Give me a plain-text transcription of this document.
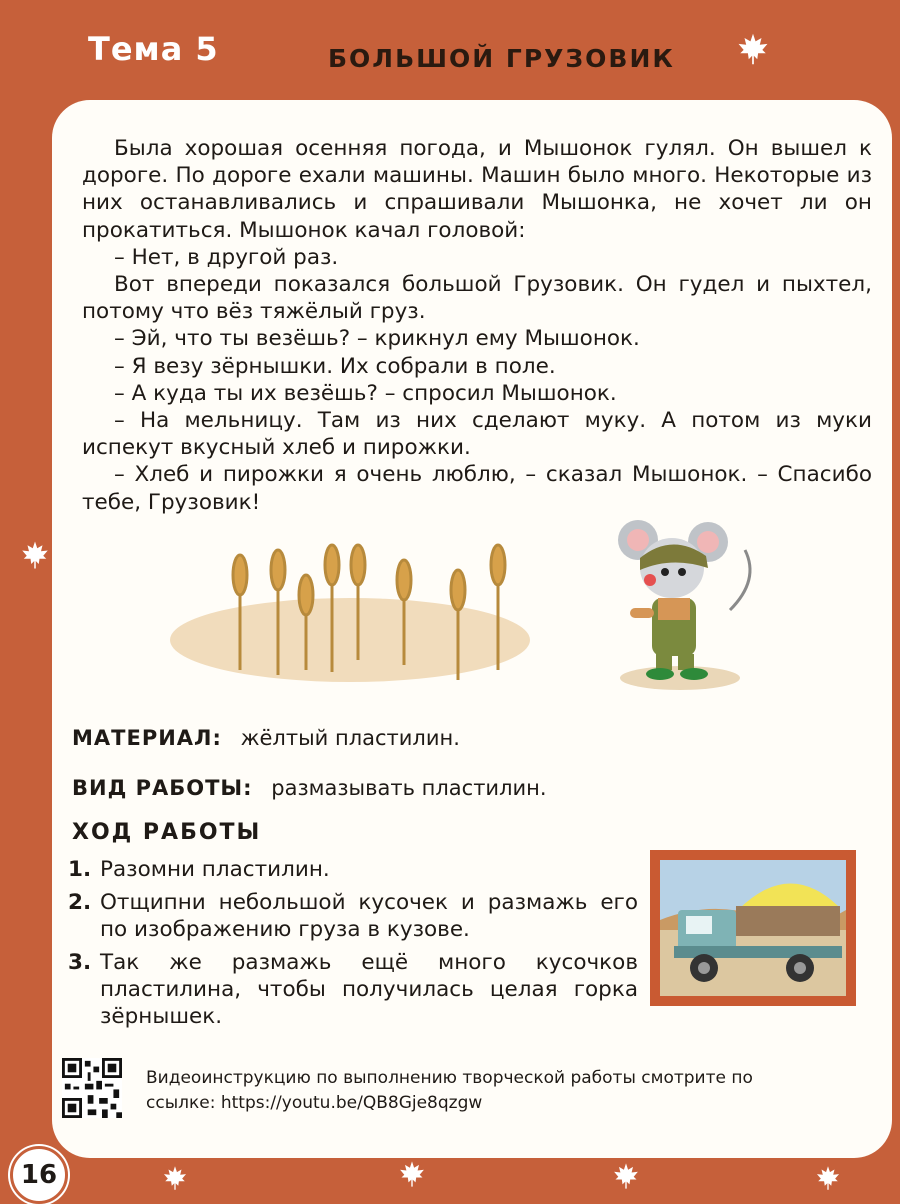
Тема 5	БОЛЬШОЙ ГРУЗОВИК

Была хорошая осенняя погода, и Мышонок гулял. Он вышел к дороге. По дороге ехали машины. Машин было много. Некоторые из них останавливались и спрашивали Мышонка, не хочет ли он прокатиться. Мышонок качал головой:

– Нет, в другой раз.

Вот впереди показался большой Грузовик. Он гудел и пыхтел, потому что вёз тяжёлый груз.

– Эй, что ты везёшь? – крикнул ему Мышонок.

– Я везу зёрнышки. Их собрали в поле.

– А куда ты их везёшь? – спросил Мышонок.

– На мельницу. Там из них сделают муку. А потом из муки испекут вкусный хлеб и пирожки.

– Хлеб и пирожки я очень люблю, – сказал Мышонок. – Спасибо тебе, Грузовик!

МАТЕРИАЛ: жёлтый пластилин.
ВИД РАБОТЫ: размазывать пластилин.
ХОД РАБОТЫ
1. Разомни пластилин.
2. Отщипни небольшой кусочек и размажь его по изображению груза в кузове.
3. Так же размажь ещё много кусочков пластилина, чтобы получилась целая горка зёрнышек.
Видеоинструкцию по выполнению творческой работы смотрите по ссылке: https://youtu.be/QB8Gje8qzgw
16
